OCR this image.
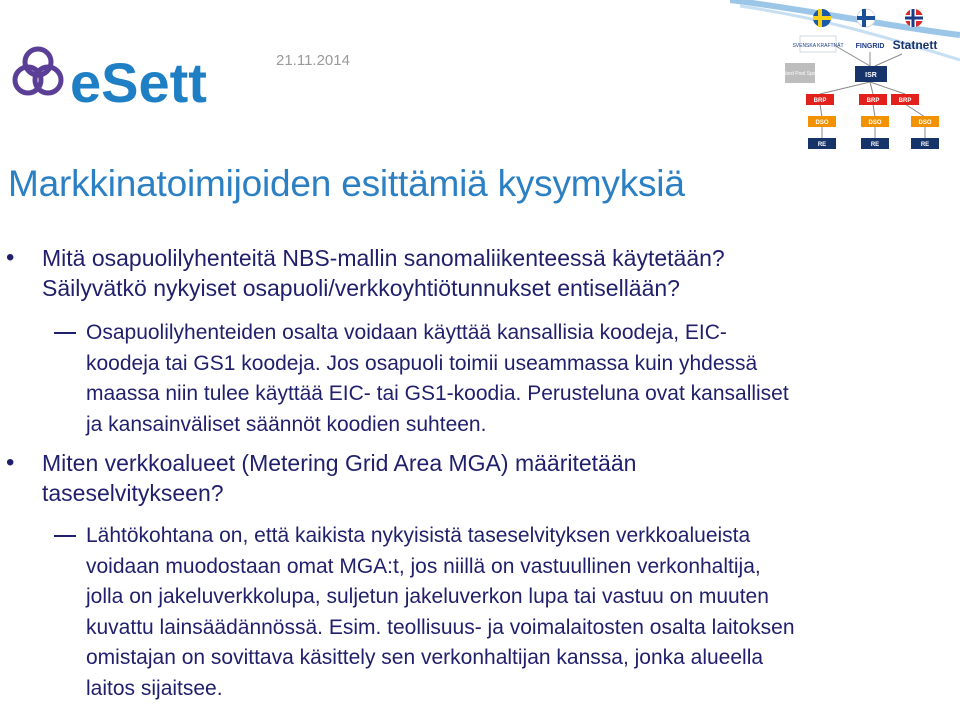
eSett	21.11.2014
SVENSKA KRAFTNÄT FINGRID Statnett
Nord Pool Spot	ISR
BRP	BRP	BRP
DSO	DSO	DSO
RE	RE	RE
Markkinatoimijoiden esittämiä kysymyksiä
• Mitä osapuolilyhenteitä NBS-mallin sanomaliikenteessä käytetään?
Säilyvätkö nykyiset osapuoli/verkkoyhtiötunnukset entisellään?
Osapuolilyhenteiden osalta voidaan käyttää kansallisia koodeja, EIC-
koodeja tai GS1 koodeja. Jos osapuoli toimii useammassa kuin yhdessä
maassa niin tulee käyttää EIC- tai GS1-koodia. Perusteluna ovat kansalliset
ja kansainväliset säännöt koodien suhteen.
• Miten verkkoalueet (Metering Grid Area MGA) määritetään
taseselvitykseen?
Lähtökohtana on, että kaikista nykyisistä taseselvityksen verkkoalueista
voidaan muodostaan omat MGA:t, jos niillä on vastuullinen verkonhaltija,
jolla on jakeluverkkolupa, suljetun jakeluverkon lupa tai vastuu on muuten
kuvattu lainsäädännössä. Esim. teollisuus- ja voimalaitosten osalta laitoksen
omistajan on sovittava käsittely sen verkonhaltijan kanssa, jonka alueella
laitos sijaitsee.
